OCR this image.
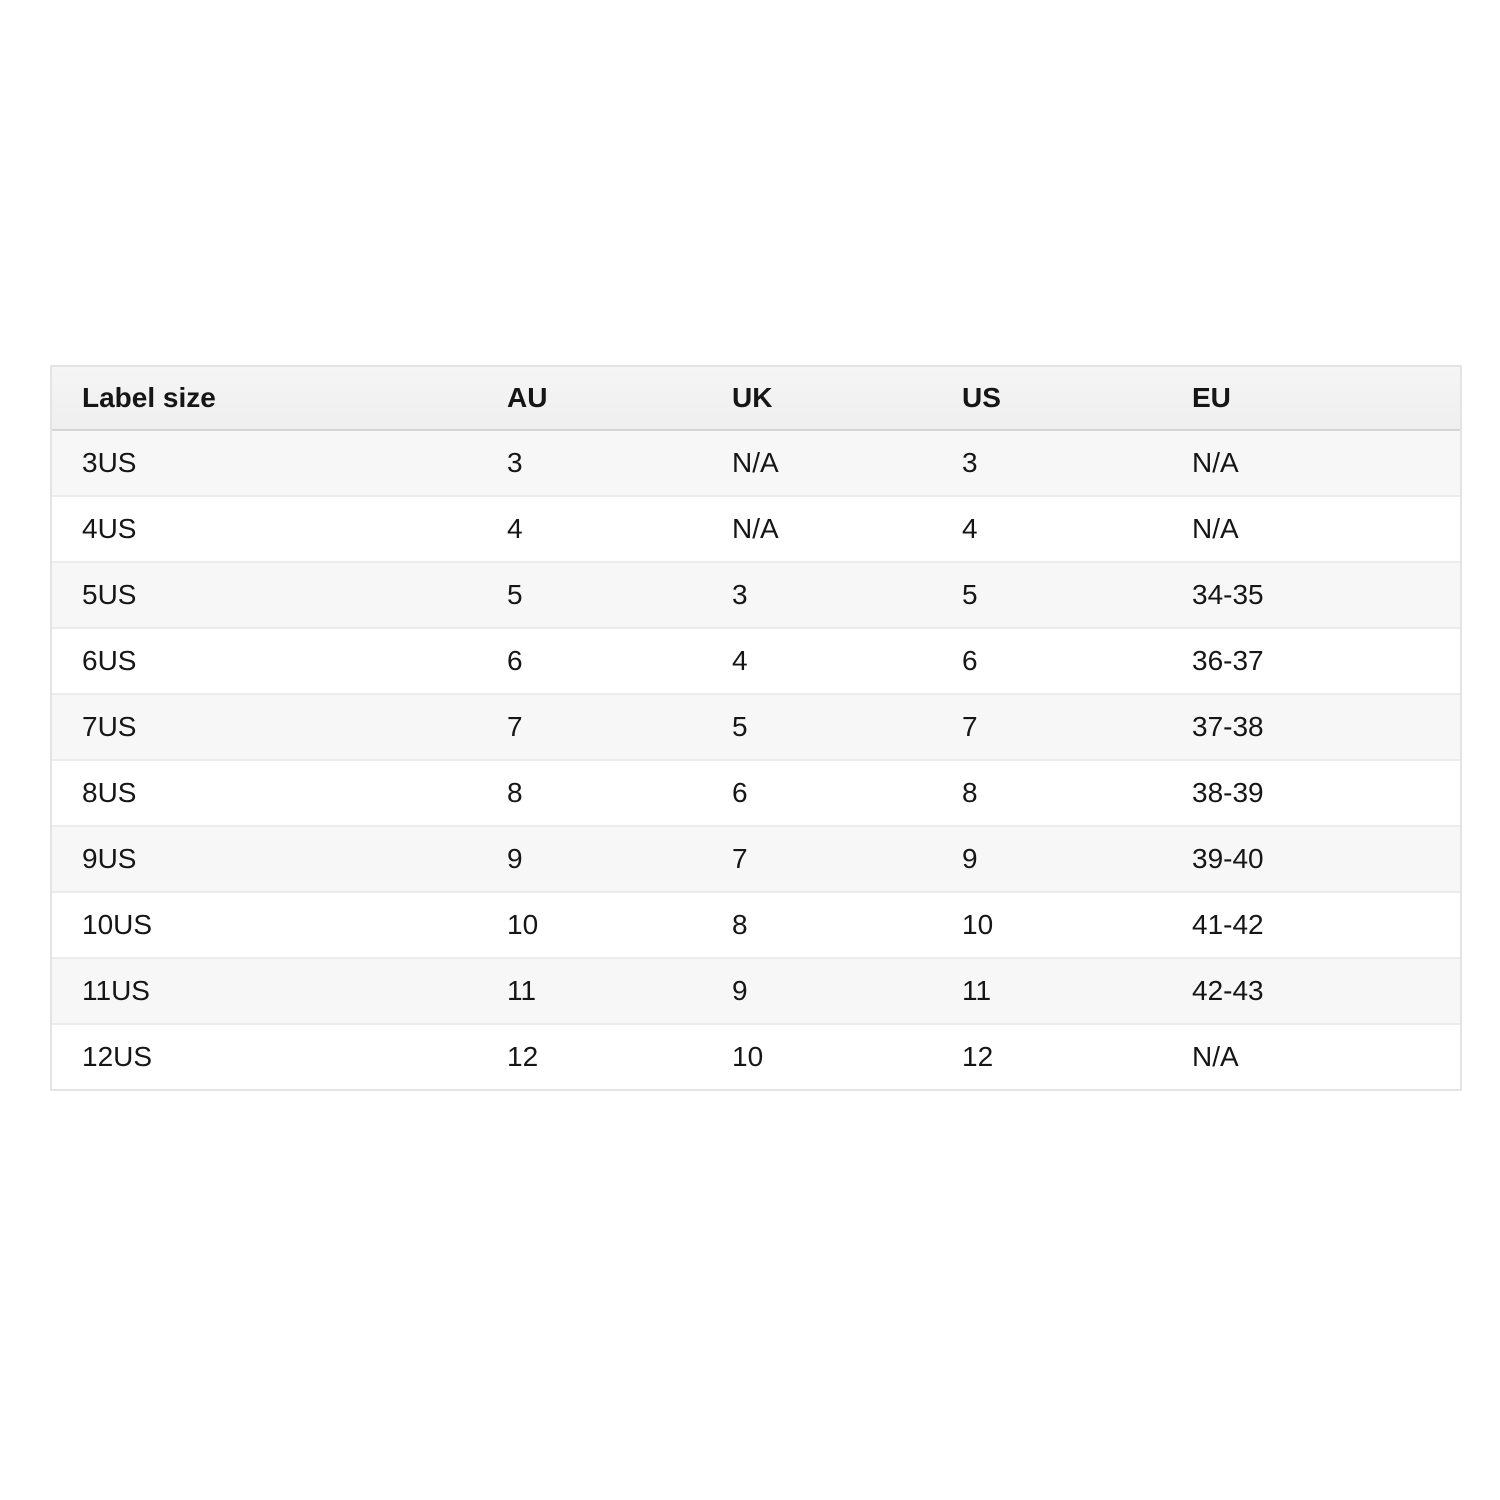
Label size	AU	UK	US	EU
3US	3	N/A	3	N/A
4US	4	N/A	4	N/A
5US	5	3	5	34-35
6US	6	4	6	36-37
7US	7	5	7	37-38
8US	8	6	8	38-39
9US	9	7	9	39-40
10US	10	8	10	41-42
11US	11	9	11	42-43
12US	12	10	12	N/A
